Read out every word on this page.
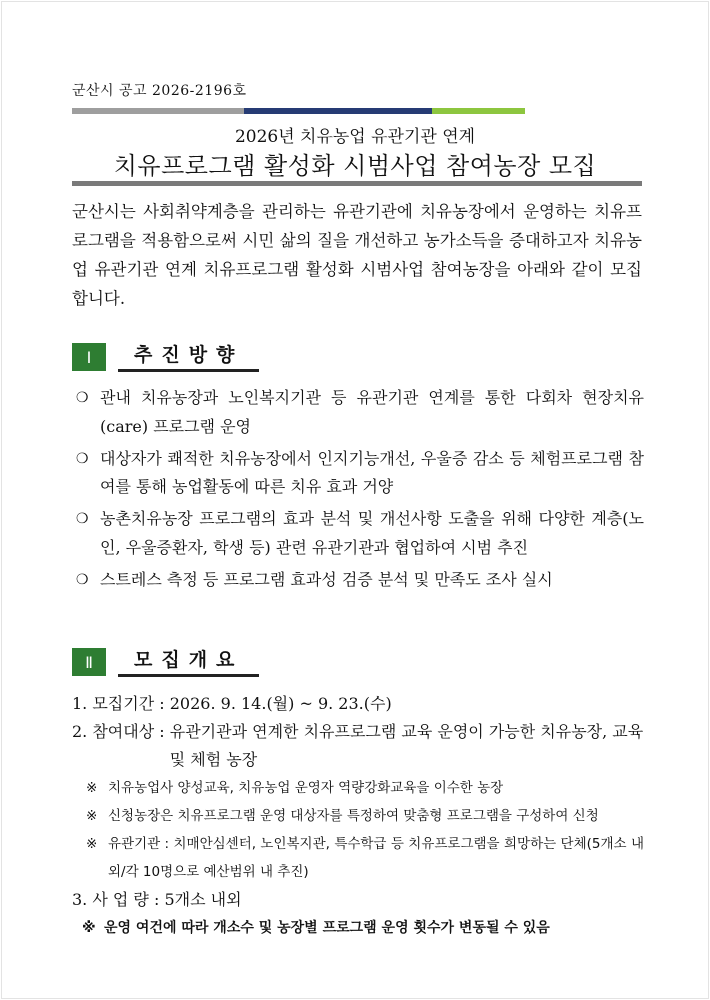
군산시 공고 2026-2196호
2026년 치유농업 유관기관 연계
치유프로그램 활성화 시범사업 참여농장 모집

군산시는 사회취약계층을 관리하는 유관기관에 치유농장에서 운영하는 치유프로그램을 적용함으로써 시민 삶의 질을 개선하고 농가소득을 증대하고자 치유농업 유관기관 연계 치유프로그램 활성화 시범사업 참여농장을 아래와 같이 모집합니다.

Ⅰ	추진방향
❍ 관내 치유농장과 노인복지기관 등 유관기관 연계를 통한 다회차 현장치유(care) 프로그램 운영
❍ 대상자가 쾌적한 치유농장에서 인지기능개선, 우울증 감소 등 체험프로그램 참여를 통해 농업활동에 따른 치유 효과 거양
❍ 농촌치유농장 프로그램의 효과 분석 및 개선사항 도출을 위해 다양한 계층(노인, 우울증환자, 학생 등) 관련 유관기관과 협업하여 시범 추진
❍ 스트레스 측정 등 프로그램 효과성 검증 분석 및 만족도 조사 실시
Ⅱ	모집개요
1. 모집기간 : 2026. 9. 14.(월) ~ 9. 23.(수)
2. 참여대상 : 유관기관과 연계한 치유프로그램 교육 운영이 가능한 치유농장, 교육 및 체험 농장
※ 치유농업사 양성교육, 치유농업 운영자 역량강화교육을 이수한 농장
※ 신청농장은 치유프로그램 운영 대상자를 특정하여 맞춤형 프로그램을 구성하여 신청
※ 유관기관 : 치매안심센터, 노인복지관, 특수학급 등 치유프로그램을 희망하는 단체(5개소 내외/각 10명으로 예산범위 내 추진)
3. 사 업 량 : 5개소 내외
※ 운영 여건에 따라 개소수 및 농장별 프로그램 운영 횟수가 변동될 수 있음
